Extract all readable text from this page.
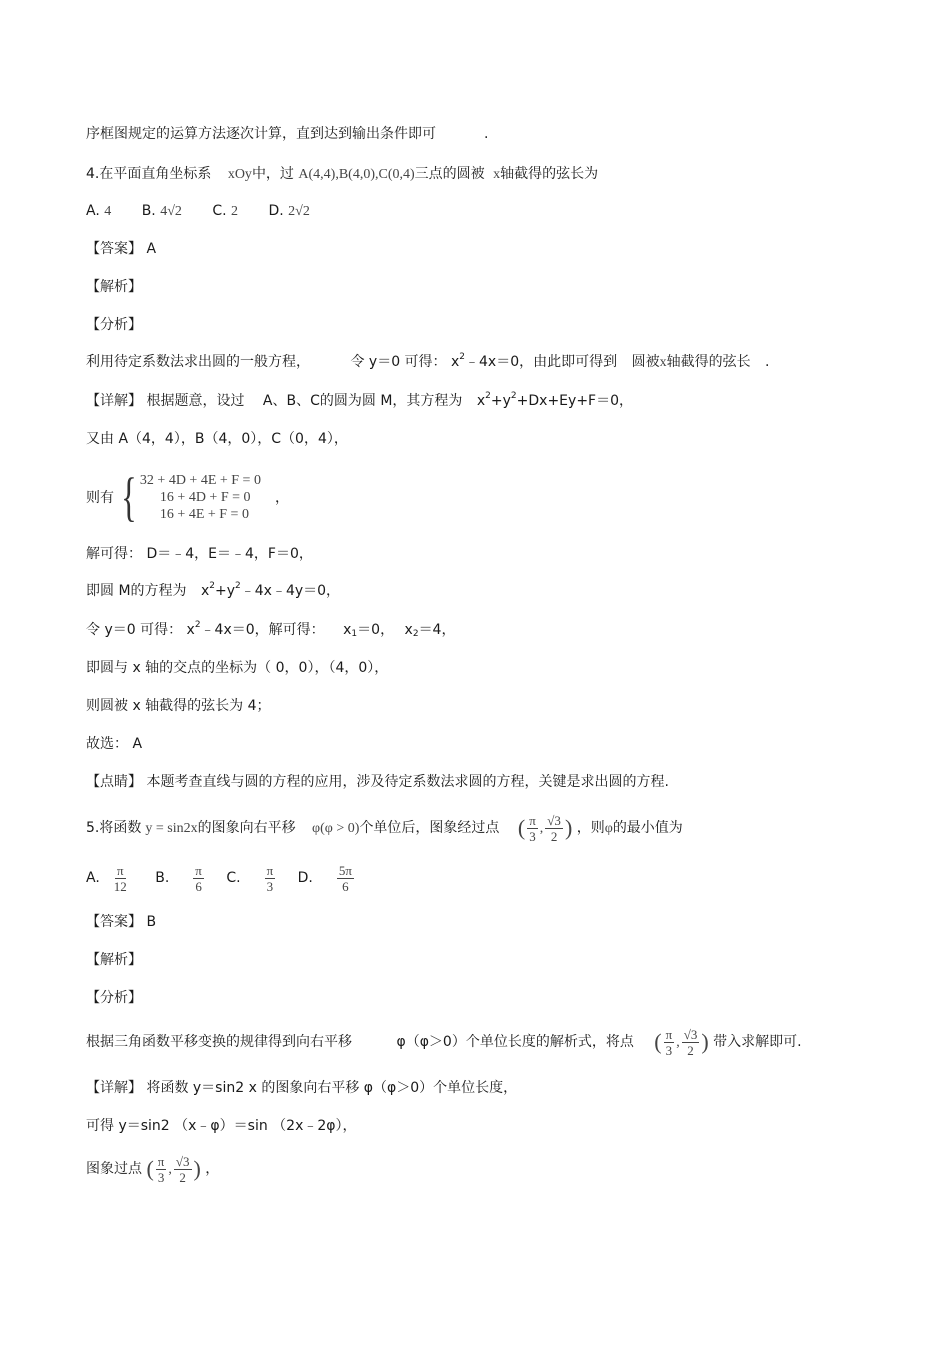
序框图规定的运算方法逐次计算，直到达到输出条件即可	.
4.在平面直角坐标系 xOy中，过 A(4,4),B(4,0),C(0,4)三点的圆被 x轴截得的弦长为
A. 4 B. 4√2 C. 2 D. 2√2
【答案】 A
【解析】
【分析】
利用待定系数法求出圆的一般方程，	令 y＝0 可得： $x^2﹣4x=0$，由此即可得到 圆被x轴截得的弦长 .
【详解】 根据题意，设过 A、B、C的圆为圆 M，其方程为 $x^2+y^2+Dx+Ey+F=0$，
又由 A（4，4），B（4，0），C（0，4），
则有 { 32 + 4D + 4E + F = 0
16 + 4D + F = 0
16 + 4E + F = 0
，
解可得： D＝﹣4，E＝﹣4，F＝0，
即圆 M的方程为 $x^2+y^2﹣4x﹣4y=0$，
令 y＝0 可得： $x^2﹣4x=0$，解可得： $x_1=0$， $x_2=4$，
即圆与 x 轴的交点的坐标为（ 0，0），（4，0），
则圆被 x 轴截得的弦长为 4；
故选： A
【点睛】 本题考查直线与圆的方程的应用，涉及待定系数法求圆的方程，关键是求出圆的方程.
5.将函数 y = sin2x的图象向右平移 φ(φ > 0)个单位后，图象经过点 ( $\frac{\pi}{3}$ , $\frac{√3}{2}$ ) ，则φ的最小值为
A. $\frac{\pi}{12} B$. $\frac{\pi}{6} C$. $\frac{\pi}{3} D$. $\frac{5\pi}{6}$
【答案】 B
【解析】
【分析】
根据三角函数平移变换的规律得到向右平移	φ（φ＞0）个单位长度的解析式，将点 ( $\frac{\pi}{3}$ , $\frac{√3}{2}$ ) 带入求解即可.
【详解】 将函数 y＝sin2 x 的图象向右平移 φ（φ＞0）个单位长度，
可得 y＝sin2 （x﹣φ）＝sin （2x﹣2φ），
图象过点 ( $\frac{\pi}{3}$ , $\frac{√3}{2}$ ) ，
